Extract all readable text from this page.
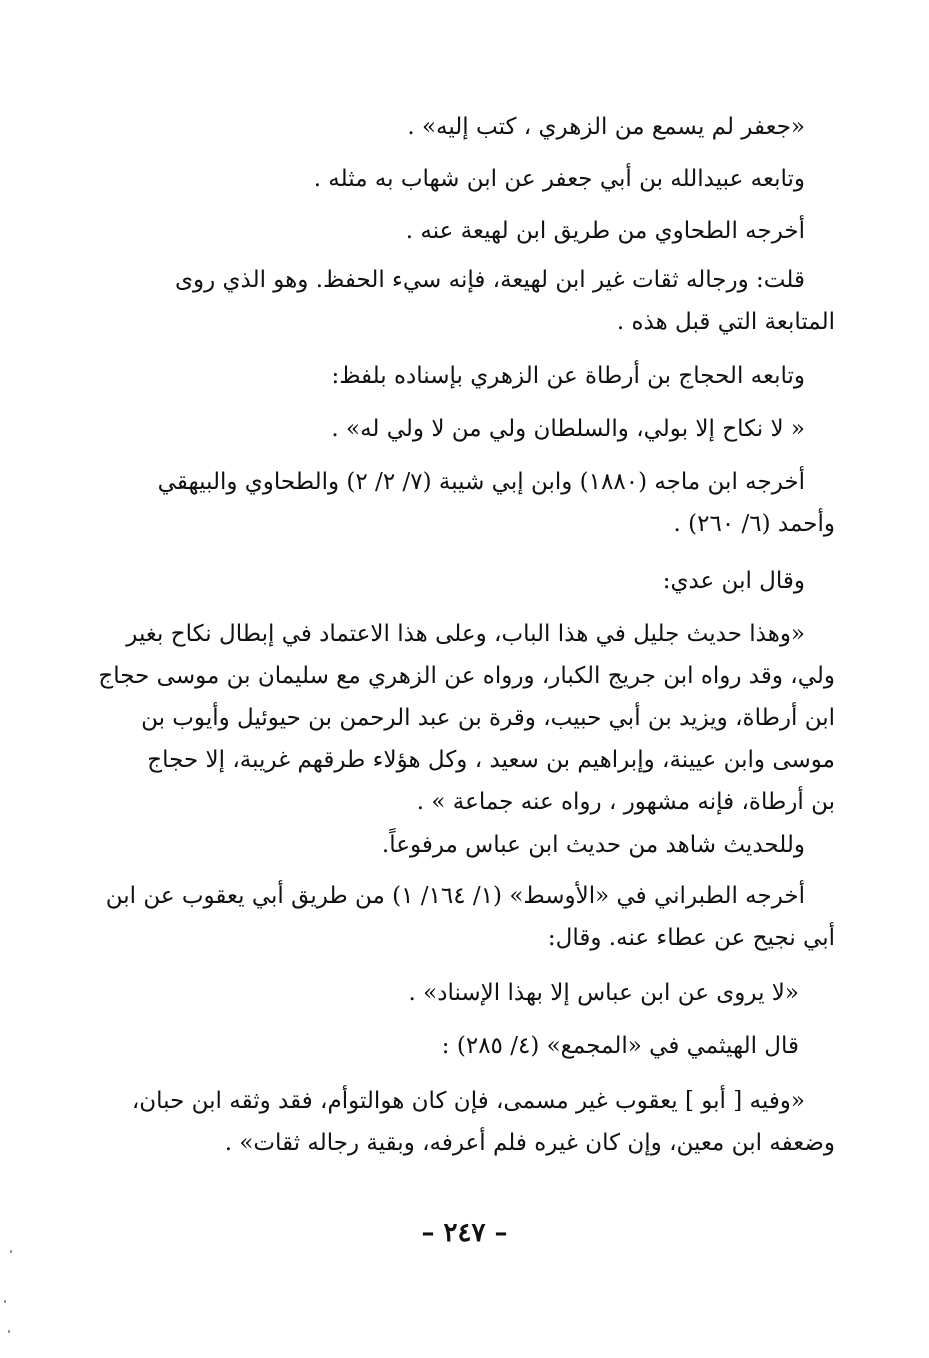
«جعفر لم يسمع من الزهري ، كتب إليه» .

وتابعه عبيدالله بن أبي جعفر عن ابن شهاب به مثله .

أخرجه الطحاوي من طريق ابن لهيعة عنه .

قلت: ورجاله ثقات غير ابن لهيعة، فإنه سيء الحفظ. وهو الذي روى
المتابعة التي قبل هذه .

وتابعه الحجاج بن أرطاة عن الزهري بإسناده بلفظ:

« لا نكاح إلا بولي، والسلطان ولي من لا ولي له» .

أخرجه ابن ماجه (١٨٨٠) وابن إبي شيبة (٧/ ٢/ ٢) والطحاوي والبيهقي
وأحمد (٦/ ٢٦٠) .

وقال ابن عدي:

«وهذا حديث جليل في هذا الباب، وعلى هذا الاعتماد في إبطال نكاح بغير
ولي، وقد رواه ابن جريج الكبار، ورواه عن الزهري مع سليمان بن موسى حجاج
ابن أرطاة، ويزيد بن أبي حبيب، وقرة بن عبد الرحمن بن حيوئيل وأيوب بن
موسى وابن عيينة، وإبراهيم بن سعيد ، وكل هؤلاء طرقهم غريبة، إلا حجاج
بن أرطاة، فإنه مشهور ، رواه عنه جماعة » .

وللحديث شاهد من حديث ابن عباس مرفوعاً.

أخرجه الطبراني في «الأوسط» (١/ ١٦٤/ ١) من طريق أبي يعقوب عن ابن
أبي نجيح عن عطاء عنه. وقال:

«لا يروى عن ابن عباس إلا بهذا الإسناد» .

قال الهيثمي في «المجمع» (٤/ ٢٨٥) :

«وفيه [ أبو ] يعقوب غير مسمى، فإن كان هوالتوأم، فقد وثقه ابن حبان،
وضعفه ابن معين، وإن كان غيره فلم أعرفه، وبقية رجاله ثقات» .

– ٢٤٧ –
